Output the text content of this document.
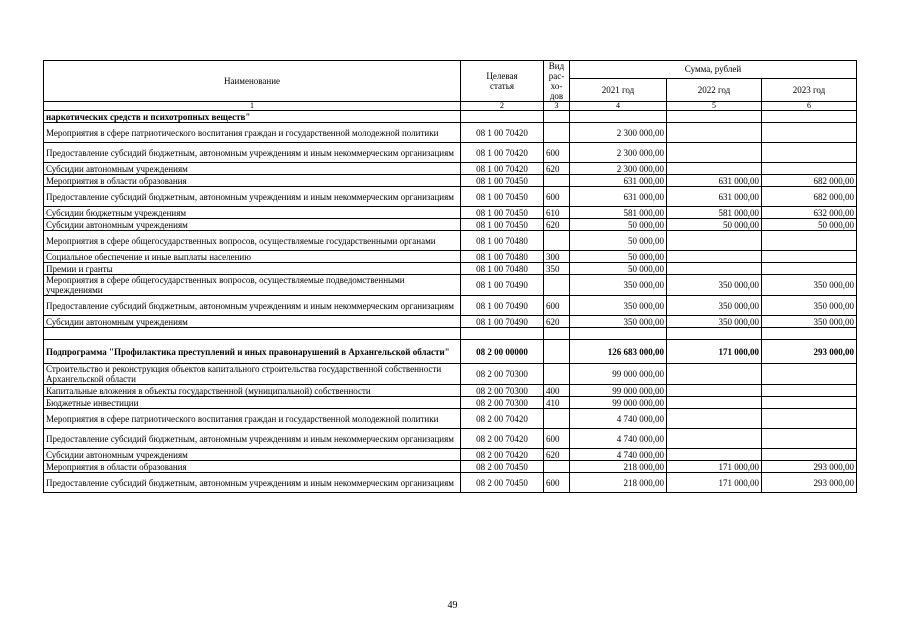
Наименование	Целевая статья	Вид рас- хо- дов	Сумма, рублей		
			2021 год	2022 год	2023 год
1	2	3	4	5	6
наркотических средств и психотропных веществ"					
Мероприятия в сфере патриотического воспитания граждан и государственной молодежной политики	08 1 00 70420		2 300 000,00		
Предоставление субсидий бюджетным, автономным учреждениям и иным некоммерческим организациям	08 1 00 70420	600	2 300 000,00		
Субсидии автономным учреждениям	08 1 00 70420	620	2 300 000,00		
Мероприятия в области образования	08 1 00 70450		631 000,00	631 000,00	682 000,00
Предоставление субсидий бюджетным, автономным учреждениям и иным некоммерческим организациям	08 1 00 70450	600	631 000,00	631 000,00	682 000,00
Субсидии бюджетным учреждениям	08 1 00 70450	610	581 000,00	581 000,00	632 000,00
Субсидии автономным учреждениям	08 1 00 70450	620	50 000,00	50 000,00	50 000,00
Мероприятия в сфере общегосударственных вопросов, осуществляемые государственными органами	08 1 00 70480		50 000,00		
Социальное обеспечение и иные выплаты населению	08 1 00 70480	300	50 000,00		
Премии и гранты	08 1 00 70480	350	50 000,00		
Мероприятия в сфере общегосударственных вопросов, осуществляемые подведомственными учреждениями	08 1 00 70490		350 000,00	350 000,00	350 000,00
Предоставление субсидий бюджетным, автономным учреждениям и иным некоммерческим организациям	08 1 00 70490	600	350 000,00	350 000,00	350 000,00
Субсидии автономным учреждениям	08 1 00 70490	620	350 000,00	350 000,00	350 000,00

Подпрограмма "Профилактика преступлений и иных правонарушений в Архангельской области"	08 2 00 00000		126 683 000,00	171 000,00	293 000,00
Строительство и реконструкция объектов капитального строительства государственной собственности Архангельской области	08 2 00 70300		99 000 000,00		
Капитальные вложения в объекты государственной (муниципальной) собственности	08 2 00 70300	400	99 000 000,00		
Бюджетные инвестиции	08 2 00 70300	410	99 000 000,00		
Мероприятия в сфере патриотического воспитания граждан и государственной молодежной политики	08 2 00 70420		4 740 000,00		
Предоставление субсидий бюджетным, автономным учреждениям и иным некоммерческим организациям	08 2 00 70420	600	4 740 000,00		
Субсидии автономным учреждениям	08 2 00 70420	620	4 740 000,00		
Мероприятия в области образования	08 2 00 70450		218 000,00	171 000,00	293 000,00
Предоставление субсидий бюджетным, автономным учреждениям и иным некоммерческим организациям	08 2 00 70450	600	218 000,00	171 000,00	293 000,00
49
